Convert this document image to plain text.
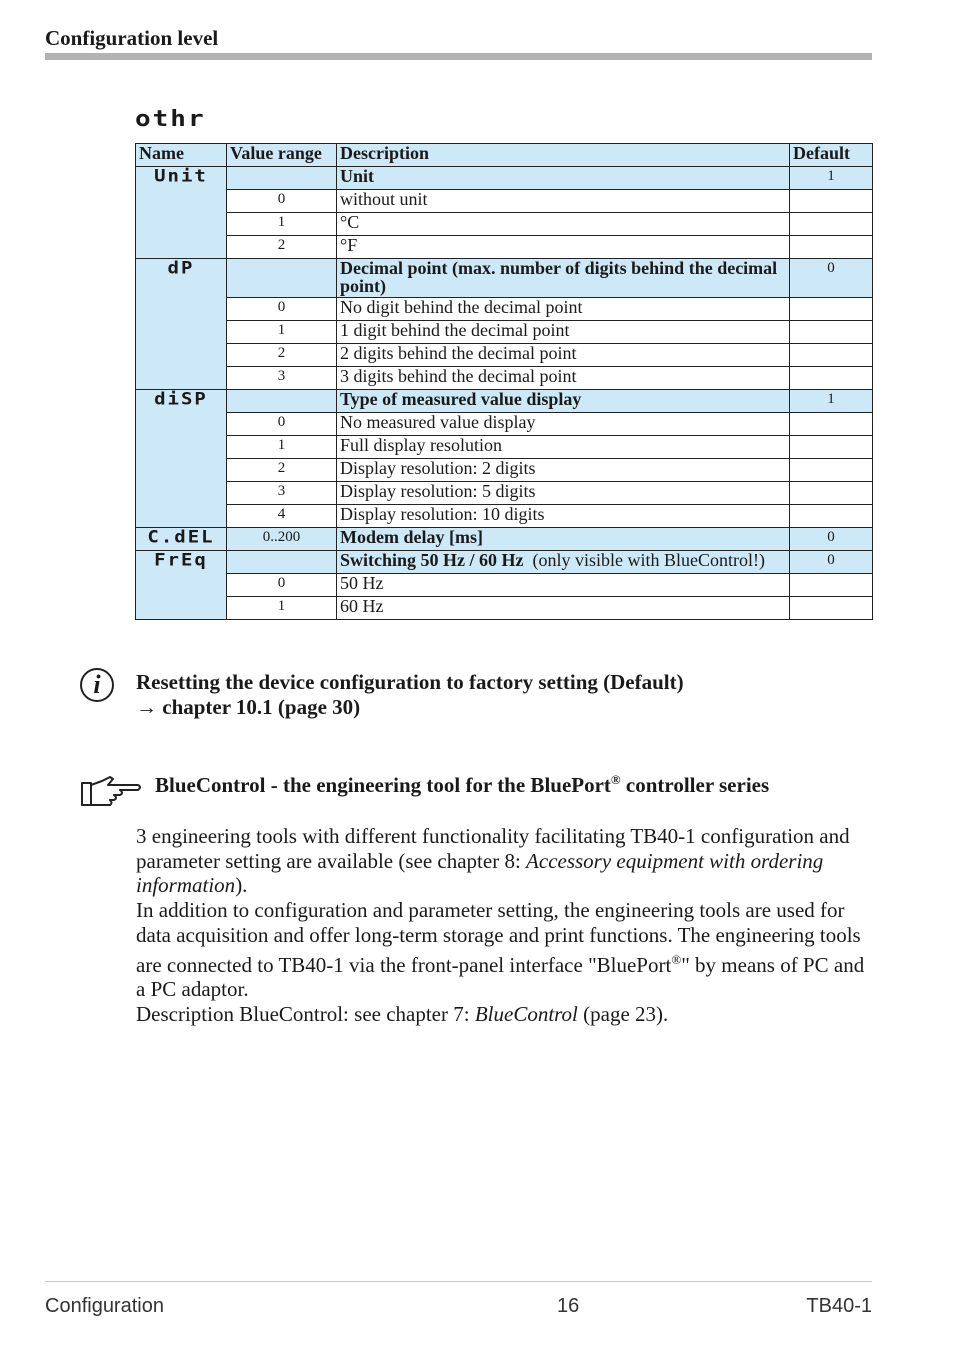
Configuration level
othr
Name	Value range	Description	Default
Unit		Unit	1
	0	without unit	
	1	°C	
	2	°F	
dP		Decimal point (max. number of digits behind the decimal point)	0
	0	No digit behind the decimal point	
	1	1 digit behind the decimal point	
	2	2 digits behind the decimal point	
	3	3 digits behind the decimal point	
diSP		Type of measured value display	1
	0	No measured value display	
	1	Full display resolution	
	2	Display resolution: 2 digits	
	3	Display resolution: 5 digits	
	4	Display resolution: 10 digits	
C.dEL	0..200	Modem delay [ms]	0
FrEq		Switching 50 Hz / 60 Hz (only visible with BlueControl!)	0
	0	50 Hz	
	1	60 Hz	
i	Resetting the device configuration to factory setting (Default)
→ chapter 10.1 (page 30)
BlueControl - the engineering tool for the BluePort® controller series
3 engineering tools with different functionality facilitating TB40-1 configuration and parameter setting are available (see chapter 8: Accessory equipment with ordering information).
In addition to configuration and parameter setting, the engineering tools are used for data acquisition and offer long-term storage and print functions. The engineering tools are connected to TB40-1 via the front-panel interface "BluePort®" by means of PC and a PC adaptor.
Description BlueControl: see chapter 7: BlueControl (page 23).
Configuration	16	TB40-1
